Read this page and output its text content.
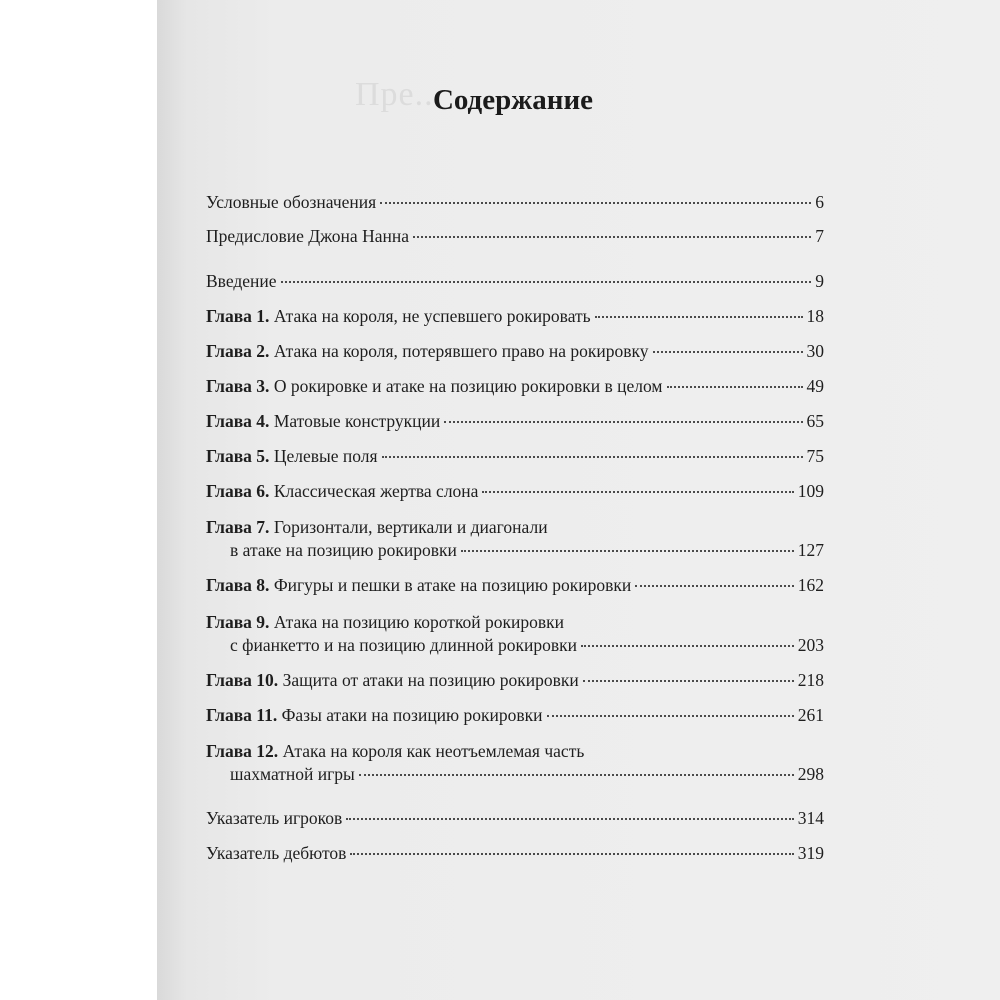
Пре...
Содержание
Условные обозначения	6
Предисловие Джона Нанна	7
Введение	9
Глава 1. Атака на короля, не успевшего рокировать	18
Глава 2. Атака на короля, потерявшего право на рокировку	30
Глава 3. О рокировке и атаке на позицию рокировки в целом	49
Глава 4. Матовые конструкции	65
Глава 5. Целевые поля	75
Глава 6. Классическая жертва слона	109
Глава 7. Горизонтали, вертикали и диагонали
в атаке на позицию рокировки	127
Глава 8. Фигуры и пешки в атаке на позицию рокировки	162
Глава 9. Атака на позицию короткой рокировки
с фианкетто и на позицию длинной рокировки	203
Глава 10. Защита от атаки на позицию рокировки	218
Глава 11. Фазы атаки на позицию рокировки	261
Глава 12. Атака на короля как неотъемлемая часть
шахматной игры	298
Указатель игроков	314
Указатель дебютов	319
